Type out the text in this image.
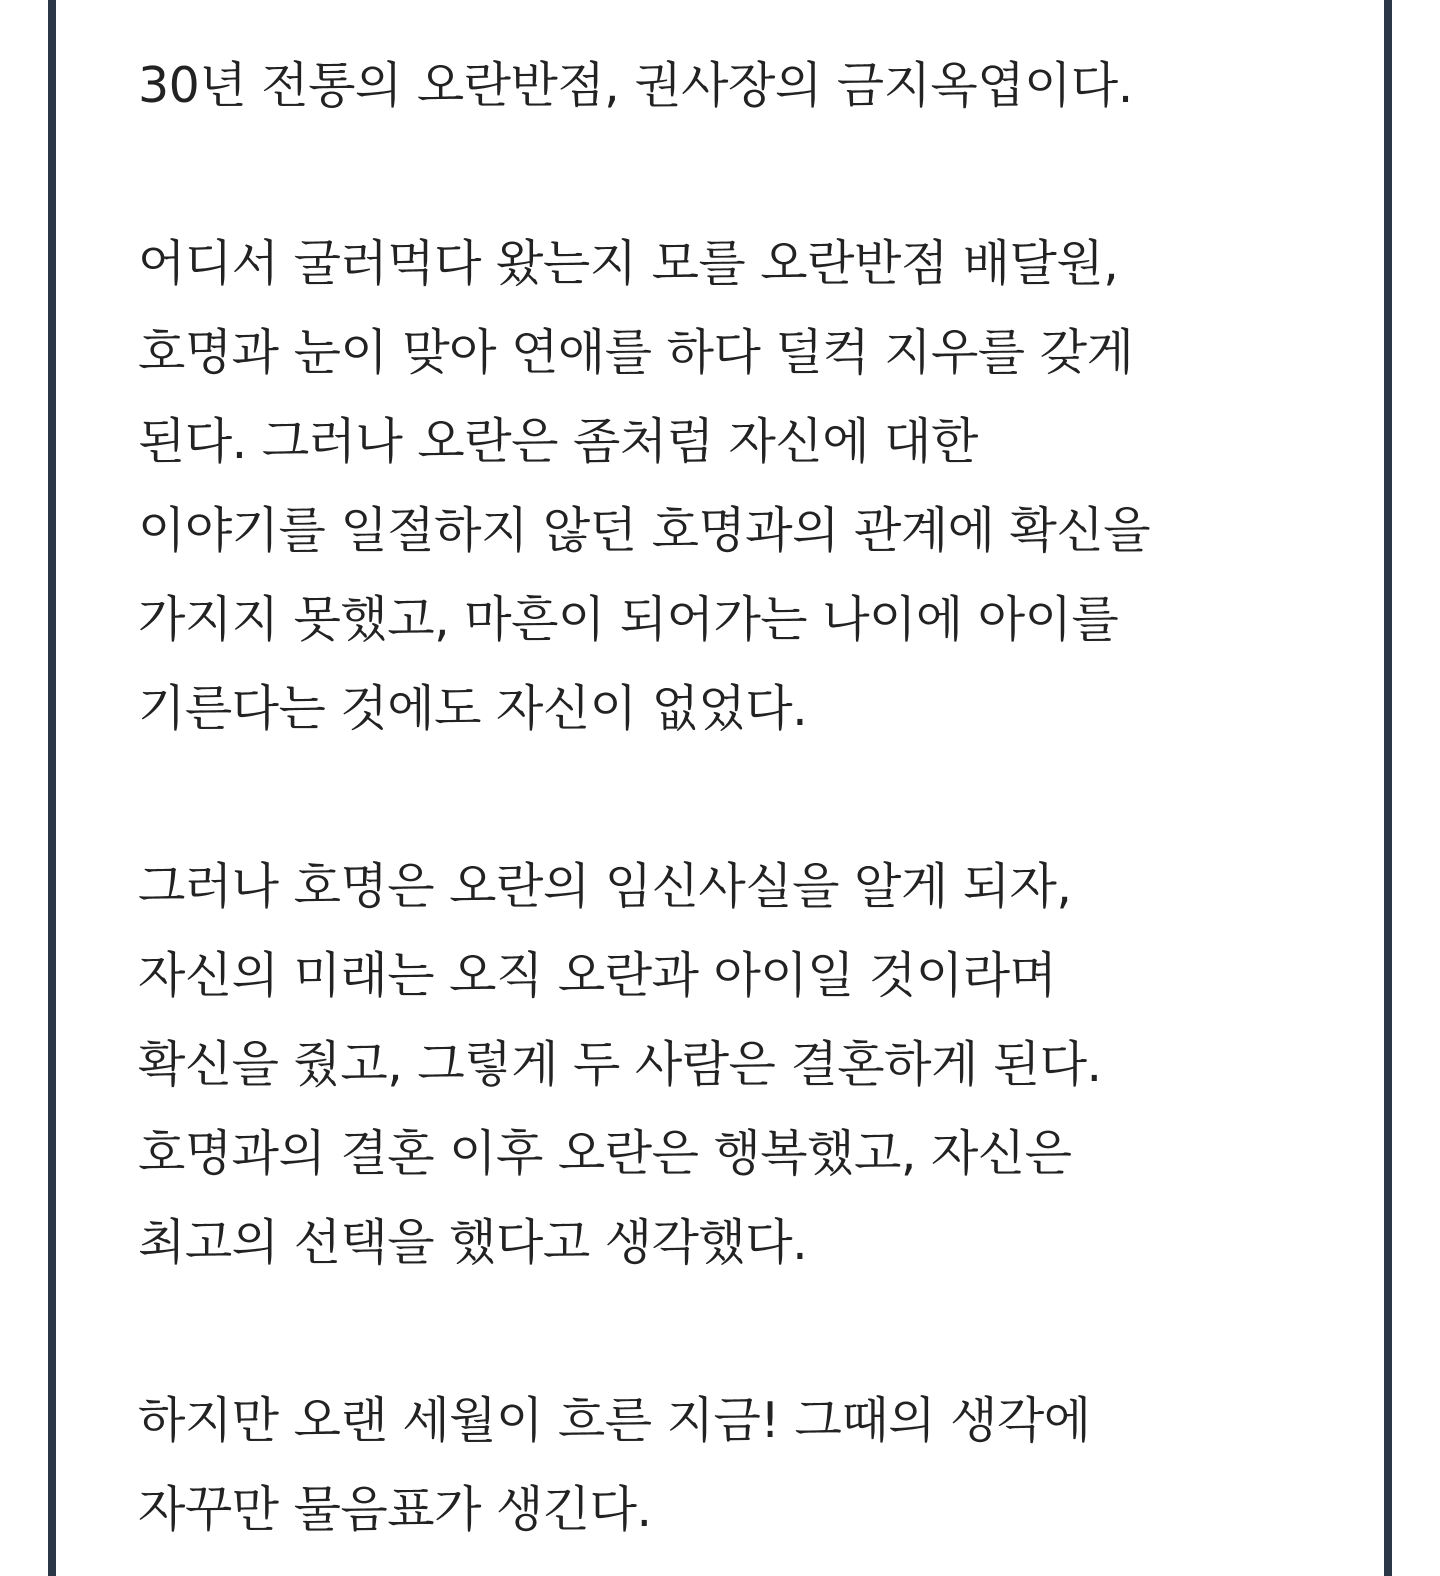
30년 전통의 오란반점, 권사장의 금지옥엽이다.
어디서 굴러먹다 왔는지 모를 오란반점 배달원,
호명과 눈이 맞아 연애를 하다 덜컥 지우를 갖게
된다. 그러나 오란은 좀처럼 자신에 대한
이야기를 일절하지 않던 호명과의 관계에 확신을
가지지 못했고, 마흔이 되어가는 나이에 아이를
기른다는 것에도 자신이 없었다.
그러나 호명은 오란의 임신사실을 알게 되자,
자신의 미래는 오직 오란과 아이일 것이라며
확신을 줬고, 그렇게 두 사람은 결혼하게 된다.
호명과의 결혼 이후 오란은 행복했고, 자신은
최고의 선택을 했다고 생각했다.
하지만 오랜 세월이 흐른 지금! 그때의 생각에
자꾸만 물음표가 생긴다.
